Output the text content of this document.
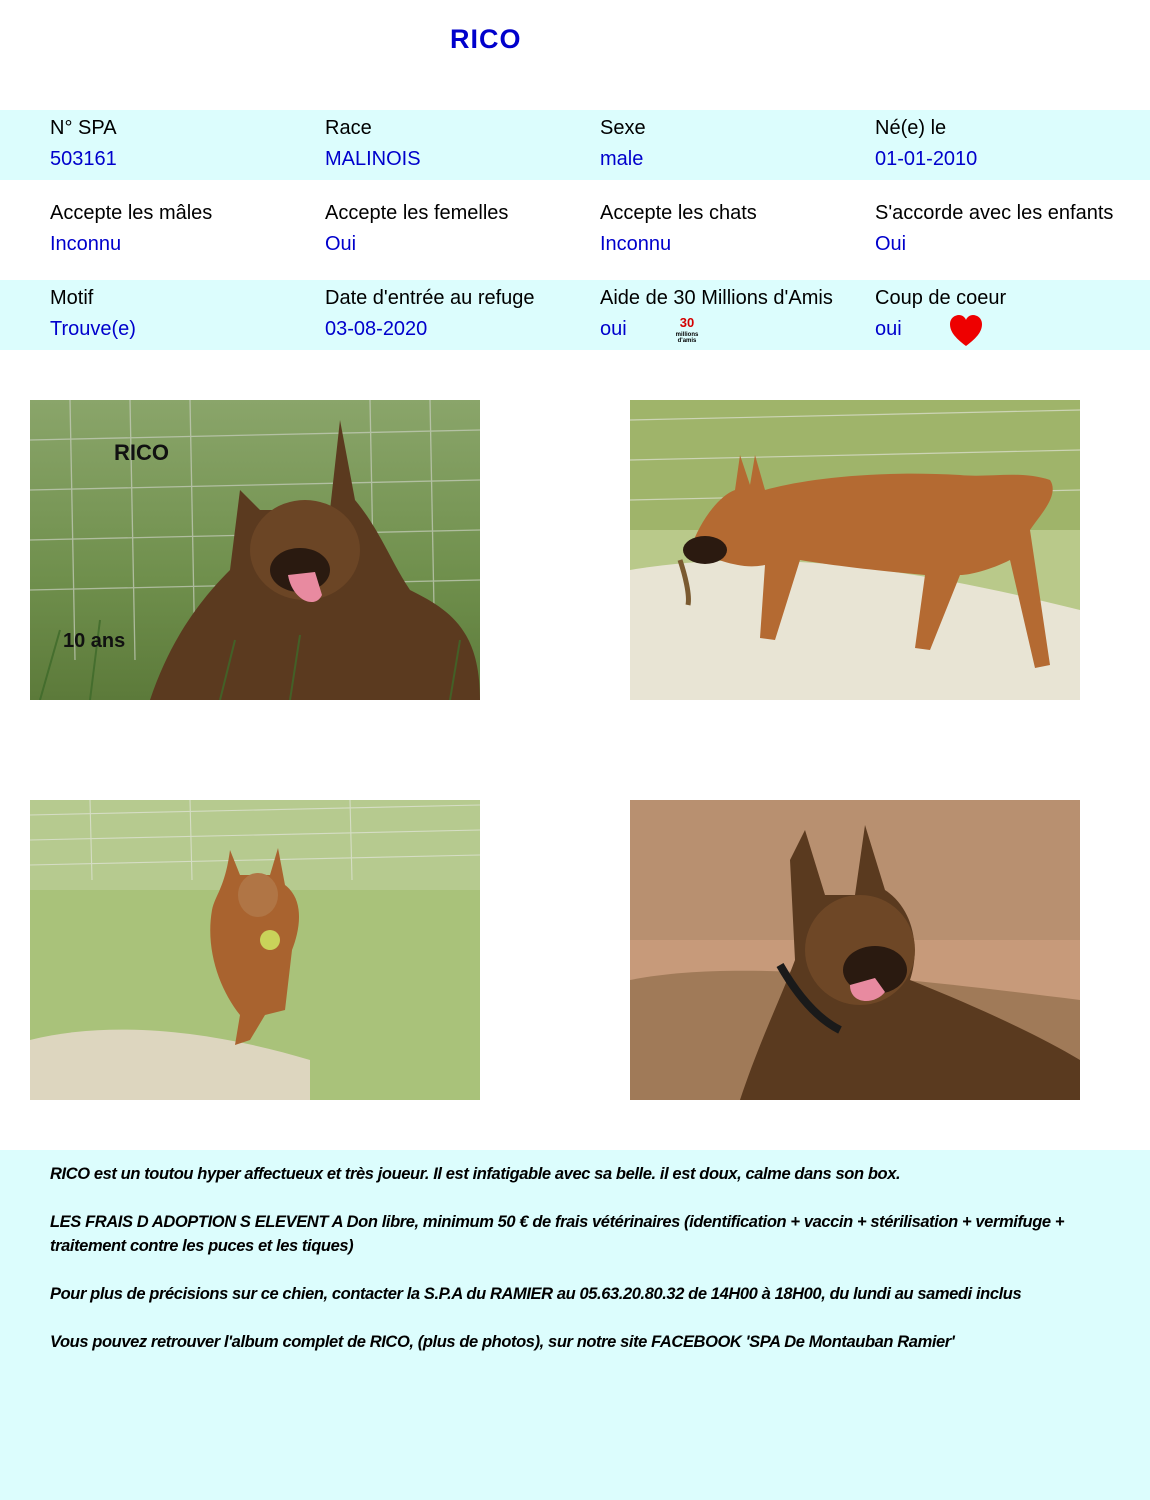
RICO
N° SPA
503161
Race
MALINOIS
Sexe
male
Né(e) le
01-01-2010
Accepte les mâles
Inconnu
Accepte les femelles
Oui
Accepte les chats
Inconnu
S'accorde avec les enfants
Oui
Motif
Trouve(e)
Date d'entrée au refuge
03-08-2020
Aide de 30 Millions d'Amis
oui	30
millions d'amis
Coup de coeur
oui
RICO
10 ans

RICO est un toutou hyper affectueux et très joueur. Il est infatigable avec sa belle. il est doux, calme dans son box.

LES FRAIS D ADOPTION S ELEVENT A Don libre, minimum 50 € de frais vétérinaires (identification + vaccin + stérilisation + vermifuge + traitement contre les puces et les tiques)

Pour plus de précisions sur ce chien, contacter la S.P.A du RAMIER au 05.63.20.80.32 de 14H00 à 18H00, du lundi au samedi inclus

Vous pouvez retrouver l'album complet de RICO, (plus de photos), sur notre site FACEBOOK 'SPA De Montauban Ramier'
